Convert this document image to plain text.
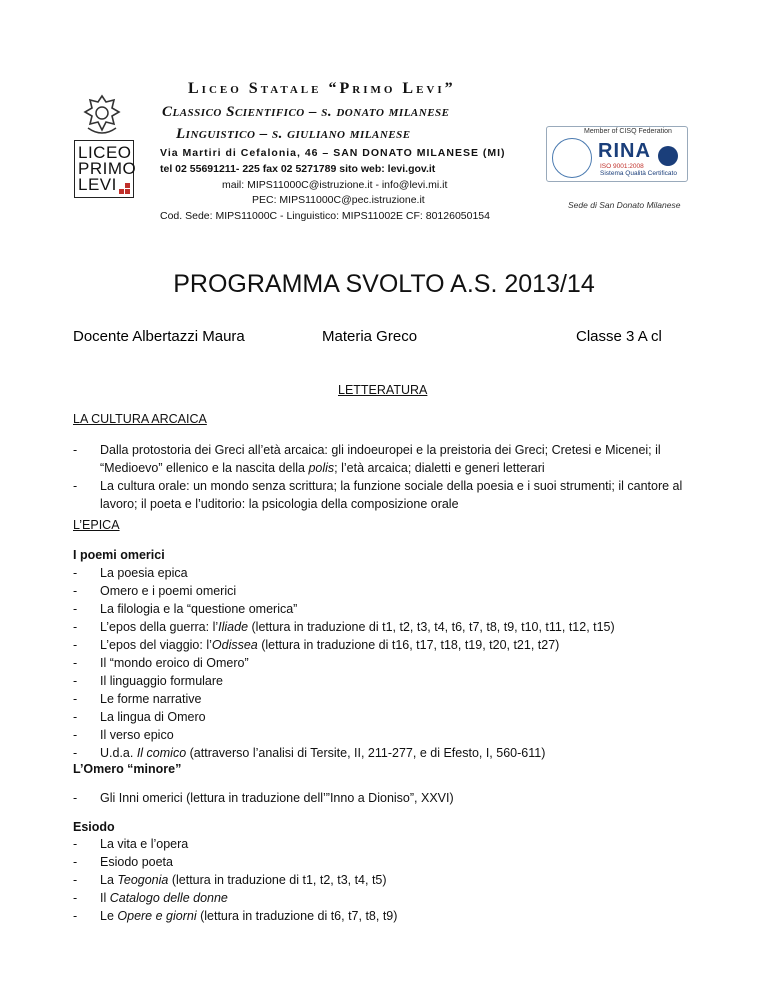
LICEO
PRIMO
LEVI
Liceo Statale “Primo Levi”
Classico Scientifico – s. donato milanese
Linguistico – s. giuliano milanese
Via Martiri di Cefalonia, 46 – SAN DONATO MILANESE (MI)
tel 02 55691211- 225 fax 02 5271789 sito web: levi.gov.it
mail: MIPS11000C@istruzione.it - info@levi.mi.it
PEC: MIPS11000C@pec.istruzione.it
Cod. Sede: MIPS11000C - Linguistico: MIPS11002E CF: 80126050154
Member of CISQ Federation
RINA
ISO 9001:2008
Sistema Qualità Certificato
Sede di San Donato Milanese
PROGRAMMA SVOLTO A.S. 2013/14
Docente Albertazzi Maura	Materia Greco	Classe 3 A cl
LETTERATURA
LA CULTURA ARCAICA
- Dalla protostoria dei Greci all’età arcaica: gli indoeuropei e la preistoria dei Greci; Cretesi e Micenei; il “Medioevo” ellenico e la nascita della polis; l’età arcaica; dialetti e generi letterari
- La cultura orale: un mondo senza scrittura; la funzione sociale della poesia e i suoi strumenti; il cantore al lavoro; il poeta e l’uditorio: la psicologia della composizione orale
L’EPICA
I poemi omerici
- La poesia epica
- Omero e i poemi omerici
- La filologia e la “questione omerica”
- L’epos della guerra: l’Iliade (lettura in traduzione di t1, t2, t3, t4, t6, t7, t8, t9, t10, t11, t12, t15)
- L’epos del viaggio: l’Odissea (lettura in traduzione di t16, t17, t18, t19, t20, t21, t27)
- Il “mondo eroico di Omero”
- Il linguaggio formulare
- Le forme narrative
- La lingua di Omero
- Il verso epico
- U.d.a. Il comico (attraverso l’analisi di Tersite, II, 211-277, e di Efesto, I, 560-611)
L’Omero “minore”
- Gli Inni omerici (lettura in traduzione dell’”Inno a Dioniso”, XXVI)
Esiodo
- La vita e l’opera
- Esiodo poeta
- La Teogonia (lettura in traduzione di t1, t2, t3, t4, t5)
- Il Catalogo delle donne
- Le Opere e giorni (lettura in traduzione di t6, t7, t8, t9)
